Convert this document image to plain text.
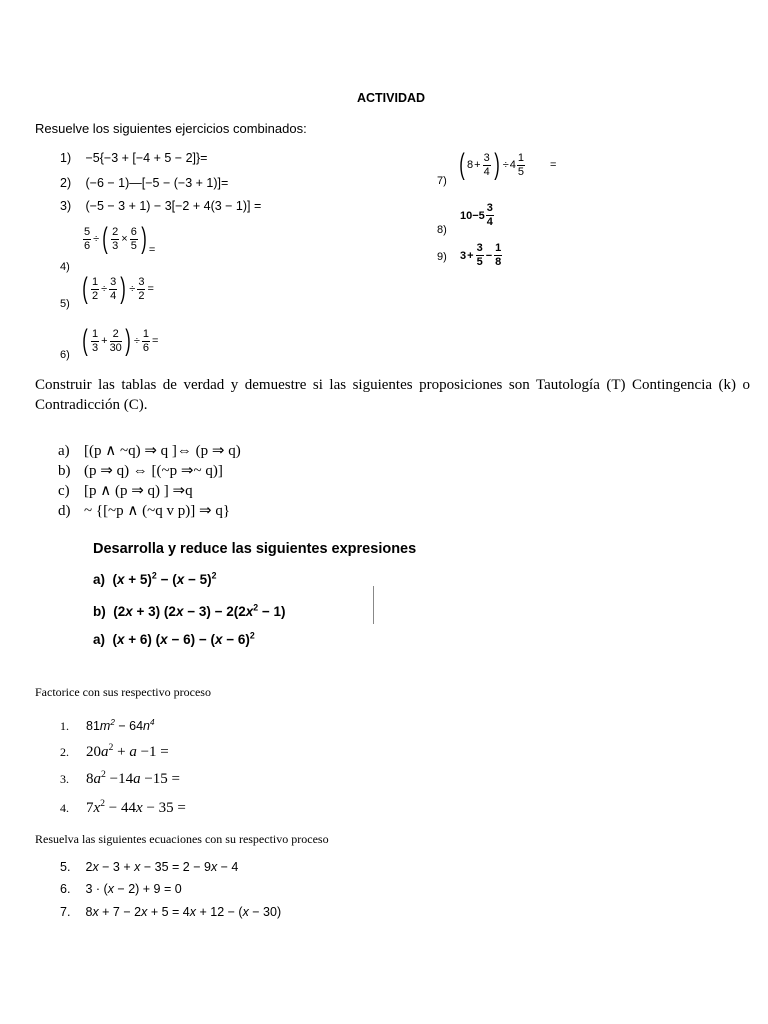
ACTIVIDAD
Resuelve los siguientes ejercicios combinados:
1) −5{−3 + [−4 + 5 − 2]}=
2) (−6 − 1)—[−5 − (−3 + 1)]=
3) (−5 − 3 + 1) − 3[−2 + 4(3 − 1)] =
$\frac{5}{6}$ ÷ ( $\frac{2}{3} \times \frac{6}{5}$ ) =
4)
( $\frac{1}{2} \div \frac{3}{4}$ ) ÷ $\frac{3}{2}$ =
5)
( $\frac{1}{3} + \frac{2}{30}$ ) ÷ $\frac{1}{6}$ =
6)
( $8 + \frac{3}{4}$ ) ÷ $4 \frac{1}{5}$ =
7)
$10-5 \frac{3}{4}$
8)
9) $3 + \frac{3}{5} - \frac{1}{8}$
Construir las tablas de verdad y demuestre si las siguientes proposiciones son Tautología (T) Contingencia (k) o Contradicción (C).
a) [(p ∧ ~q) ⇒ q ]⇔ (p ⇒ q)
b) (p ⇒ q) ⇔ [(~p ⇒~ q)]
c) [p ∧ (p ⇒ q) ] ⇒q
d) ~ {[~p ∧ (~q v p)] ⇒ q}
Desarrolla y reduce las siguientes expresiones
a)  $(x + 5)^2 - (x - 5)^2$
b)  (2x + 3) $(2x - 3) - 2(2x^2 - 1)$
a)  (x + 6) $(x - 6) - (x - 6)^2$
Factorice con sus respectivo proceso
1. $81m^2 - 64n^4$
2. $20a^2 + a -1$ =
3. $8a^2 -14a -15$ =
4. $7x^2 - 44x - 35$ =
Resuelva las siguientes ecuaciones con su respectivo proceso
5. 2x − 3 + x − 35 = 2 − 9x − 4
6. 3 · (x − 2) + 9 = 0
7. 8x + 7 − 2x + 5 = 4x + 12 − (x − 30)
